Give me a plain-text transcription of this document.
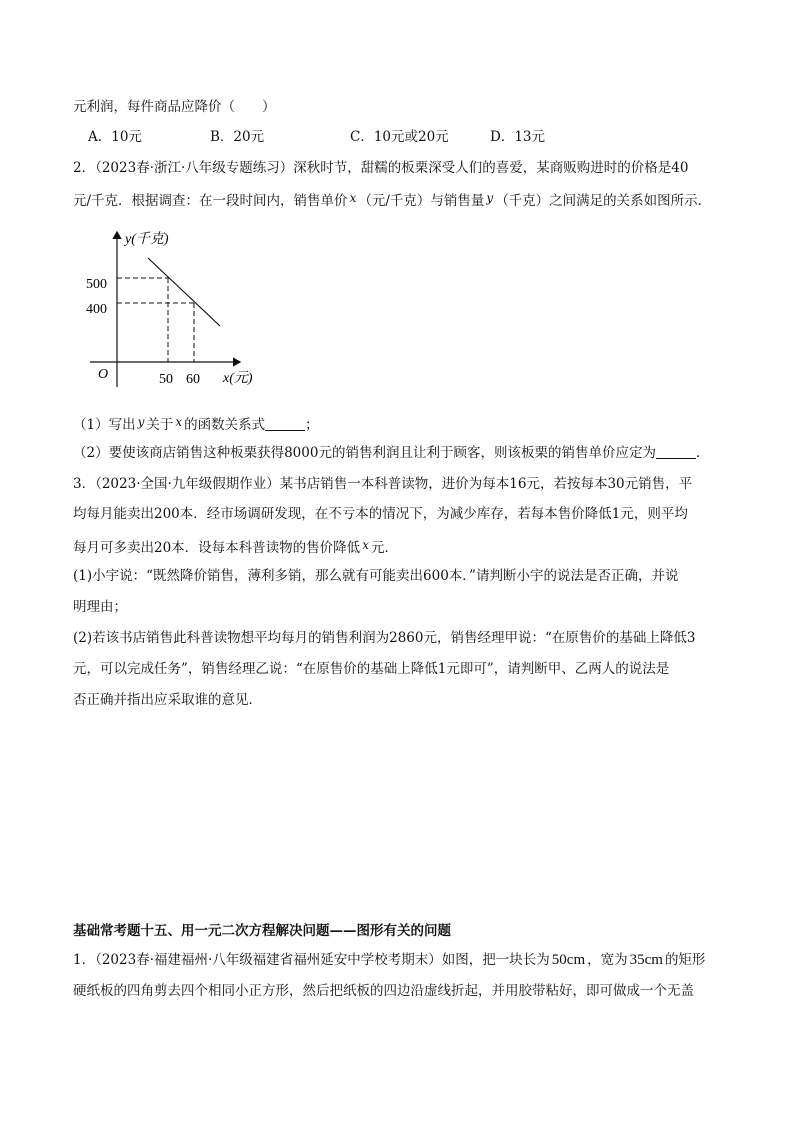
元利润，每件商品应降价（　　）
A．10元	B．20元	C．10元或20元	D．13元
2．（2023春·浙江·八年级专题练习）深秋时节，甜糯的板栗深受人们的喜爱，某商贩购进时的价格是40
元/千克．根据调查：在一段时间内，销售单价 x （元/千克）与销售量 y （千克）之间满足的关系如图所示．
y(千克)
x(元)
O
500
400
50 60
（1）写出 y 关于 x 的函数关系式	；
（2）要使该商店销售这种板栗获得8000元的销售利润且让利于顾客，则该板栗的销售单价应定为	．
3．（2023·全国·九年级假期作业）某书店销售一本科普读物，进价为每本16元，若按每本30元销售，平
均每月能卖出200本．经市场调研发现，在不亏本的情况下，为减少库存，若每本售价降低1元，则平均
每月可多卖出20本．设每本科普读物的售价降低 x 元．
(1)小宇说：“既然降价销售，薄利多销，那么就有可能卖出600本．”请判断小宇的说法是否正确，并说
明理由；
(2)若该书店销售此科普读物想平均每月的销售利润为2860元，销售经理甲说：“在原售价的基础上降低3
元，可以完成任务”，销售经理乙说：“在原售价的基础上降低1元即可”，请判断甲、乙两人的说法是
否正确并指出应采取谁的意见．
基础常考题十五、用一元二次方程解决问题——图形有关的问题
1．（2023春·福建福州·八年级福建省福州延安中学校考期末）如图，把一块长为 50cm ，宽为 35cm 的矩形
硬纸板的四角剪去四个相同小正方形，然后把纸板的四边沿虚线折起，并用胶带粘好，即可做成一个无盖
